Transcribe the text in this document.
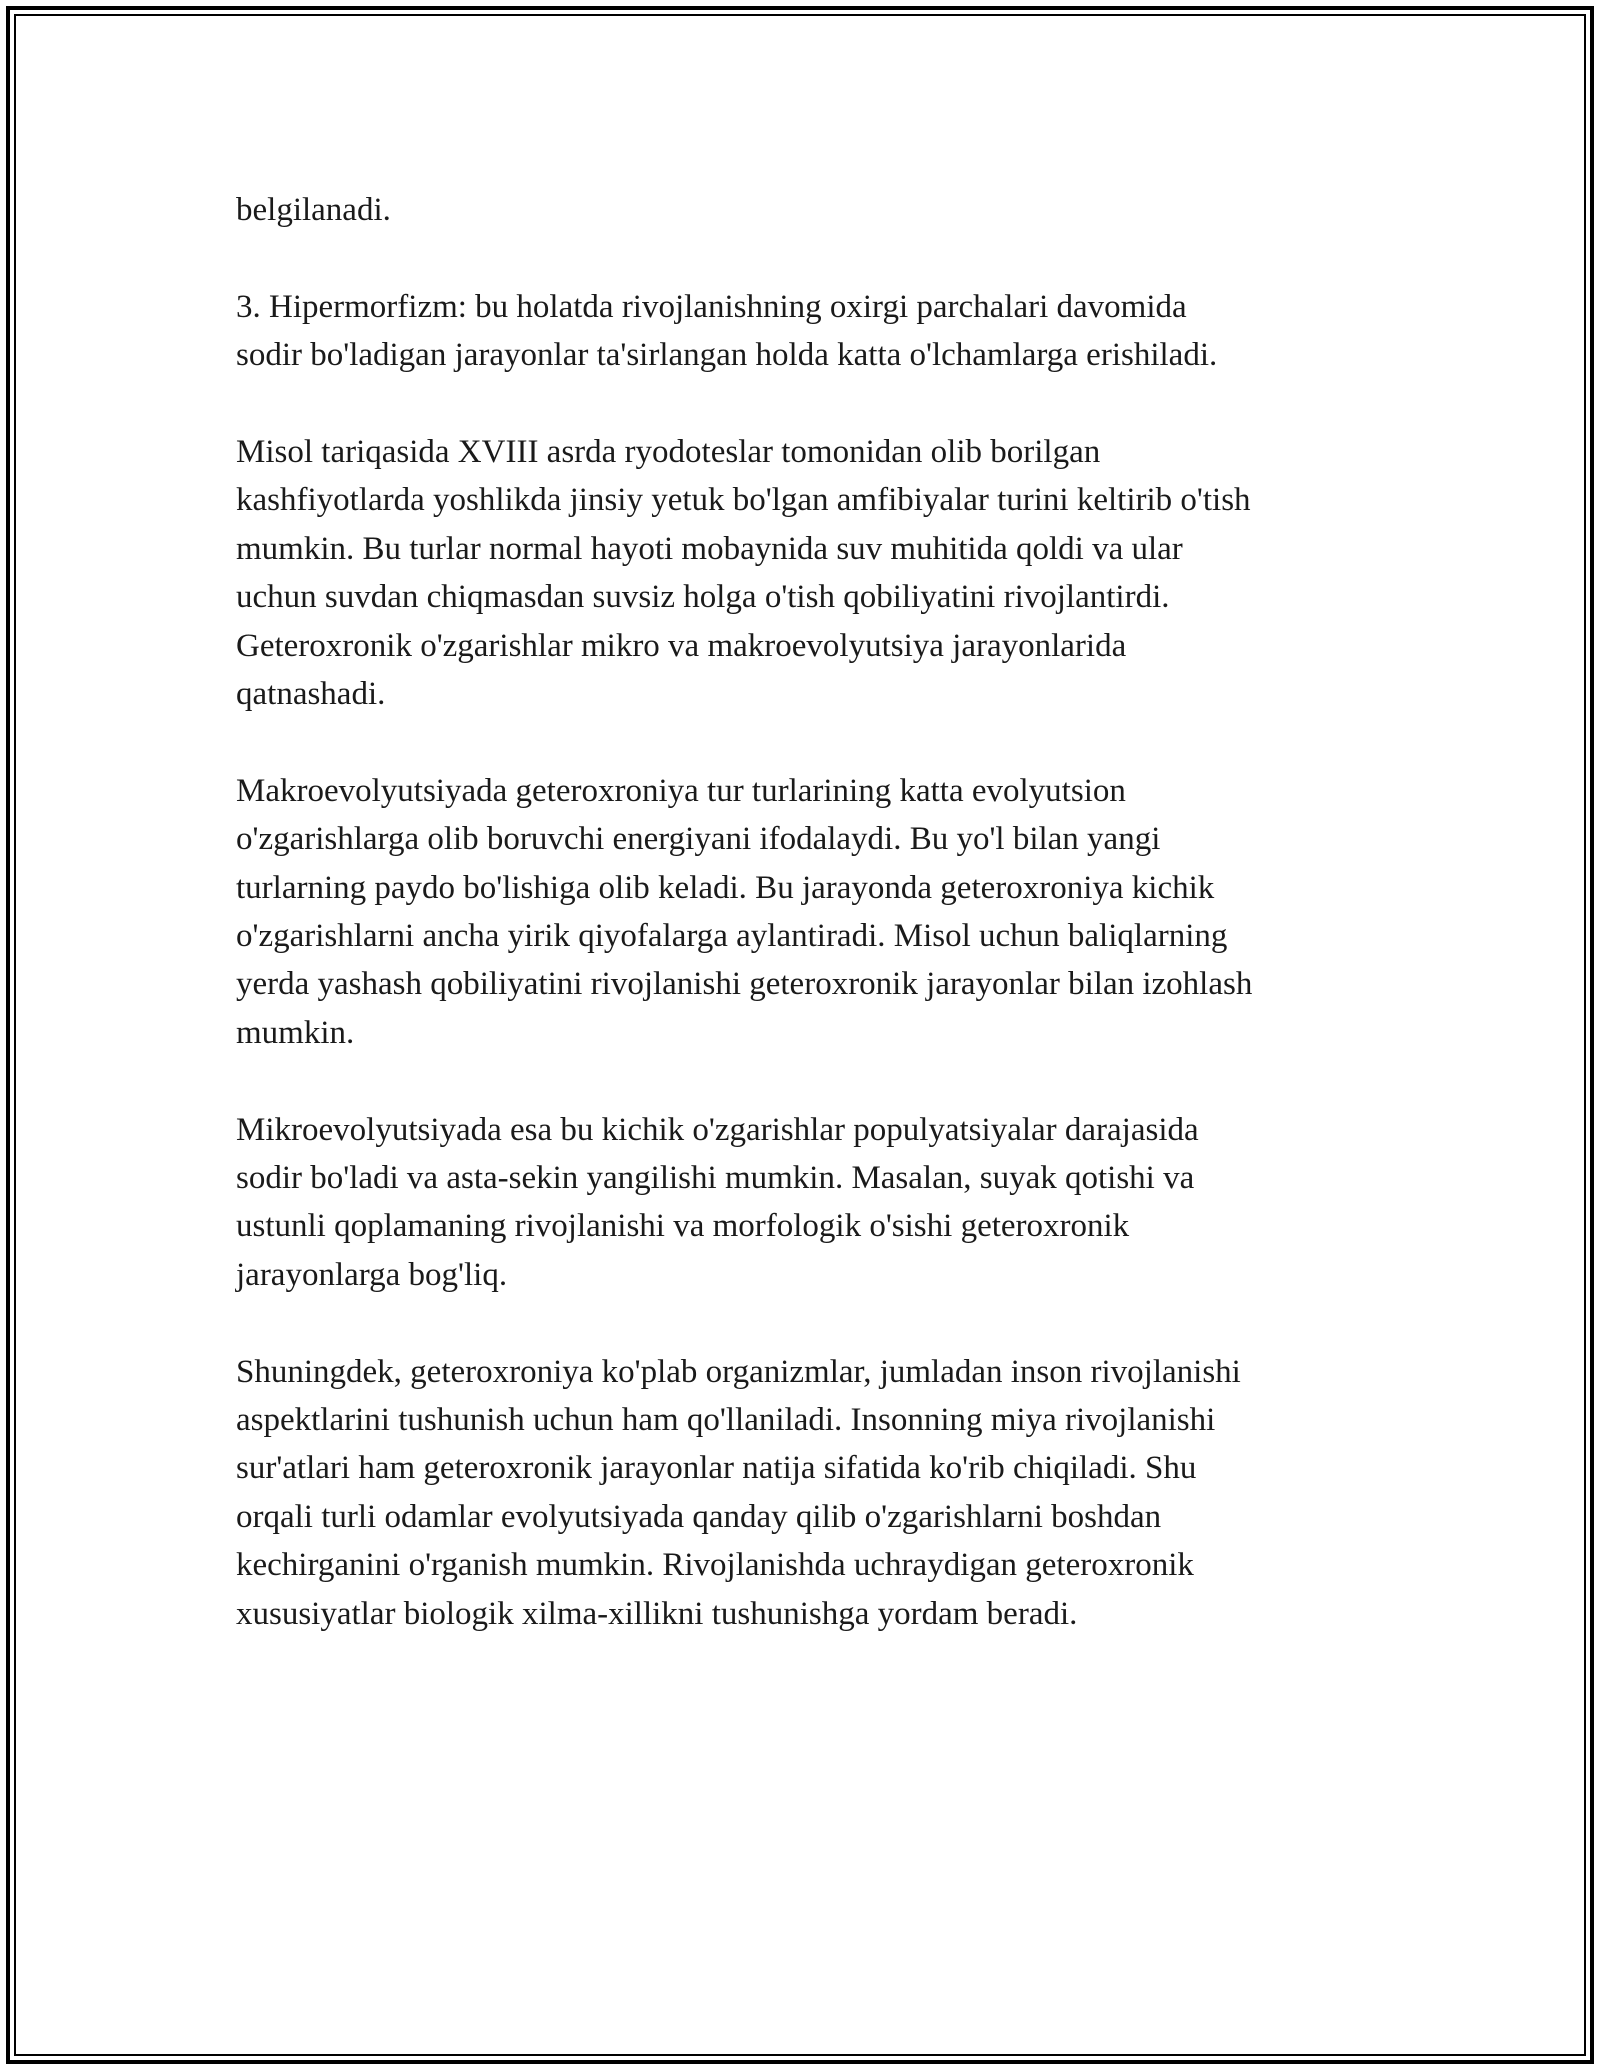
belgilanadi.

3. Hipermorfizm: bu holatda rivojlanishning oxirgi parchalari davomida
sodir bo'ladigan jarayonlar ta'sirlangan holda katta o'lchamlarga erishiladi.

Misol tariqasida XVIII asrda ryodoteslar tomonidan olib borilgan
kashfiyotlarda yoshlikda jinsiy yetuk bo'lgan amfibiyalar turini keltirib o'tish
mumkin. Bu turlar normal hayoti mobaynida suv muhitida qoldi va ular
uchun suvdan chiqmasdan suvsiz holga o'tish qobiliyatini rivojlantirdi.
Geteroxronik o'zgarishlar mikro va makroevolyutsiya jarayonlarida
qatnashadi.

Makroevolyutsiyada geteroxroniya tur turlarining katta evolyutsion
o'zgarishlarga olib boruvchi energiyani ifodalaydi. Bu yo'l bilan yangi
turlarning paydo bo'lishiga olib keladi. Bu jarayonda geteroxroniya kichik
o'zgarishlarni ancha yirik qiyofalarga aylantiradi. Misol uchun baliqlarning
yerda yashash qobiliyatini rivojlanishi geteroxronik jarayonlar bilan izohlash
mumkin.

Mikroevolyutsiyada esa bu kichik o'zgarishlar populyatsiyalar darajasida
sodir bo'ladi va asta-sekin yangilishi mumkin. Masalan, suyak qotishi va
ustunli qoplamaning rivojlanishi va morfologik o'sishi geteroxronik
jarayonlarga bog'liq.

Shuningdek, geteroxroniya ko'plab organizmlar, jumladan inson rivojlanishi
aspektlarini tushunish uchun ham qo'llaniladi. Insonning miya rivojlanishi
sur'atlari ham geteroxronik jarayonlar natija sifatida ko'rib chiqiladi. Shu
orqali turli odamlar evolyutsiyada qanday qilib o'zgarishlarni boshdan
kechirganini o'rganish mumkin. Rivojlanishda uchraydigan geteroxronik
xususiyatlar biologik xilma-xillikni tushunishga yordam beradi.
